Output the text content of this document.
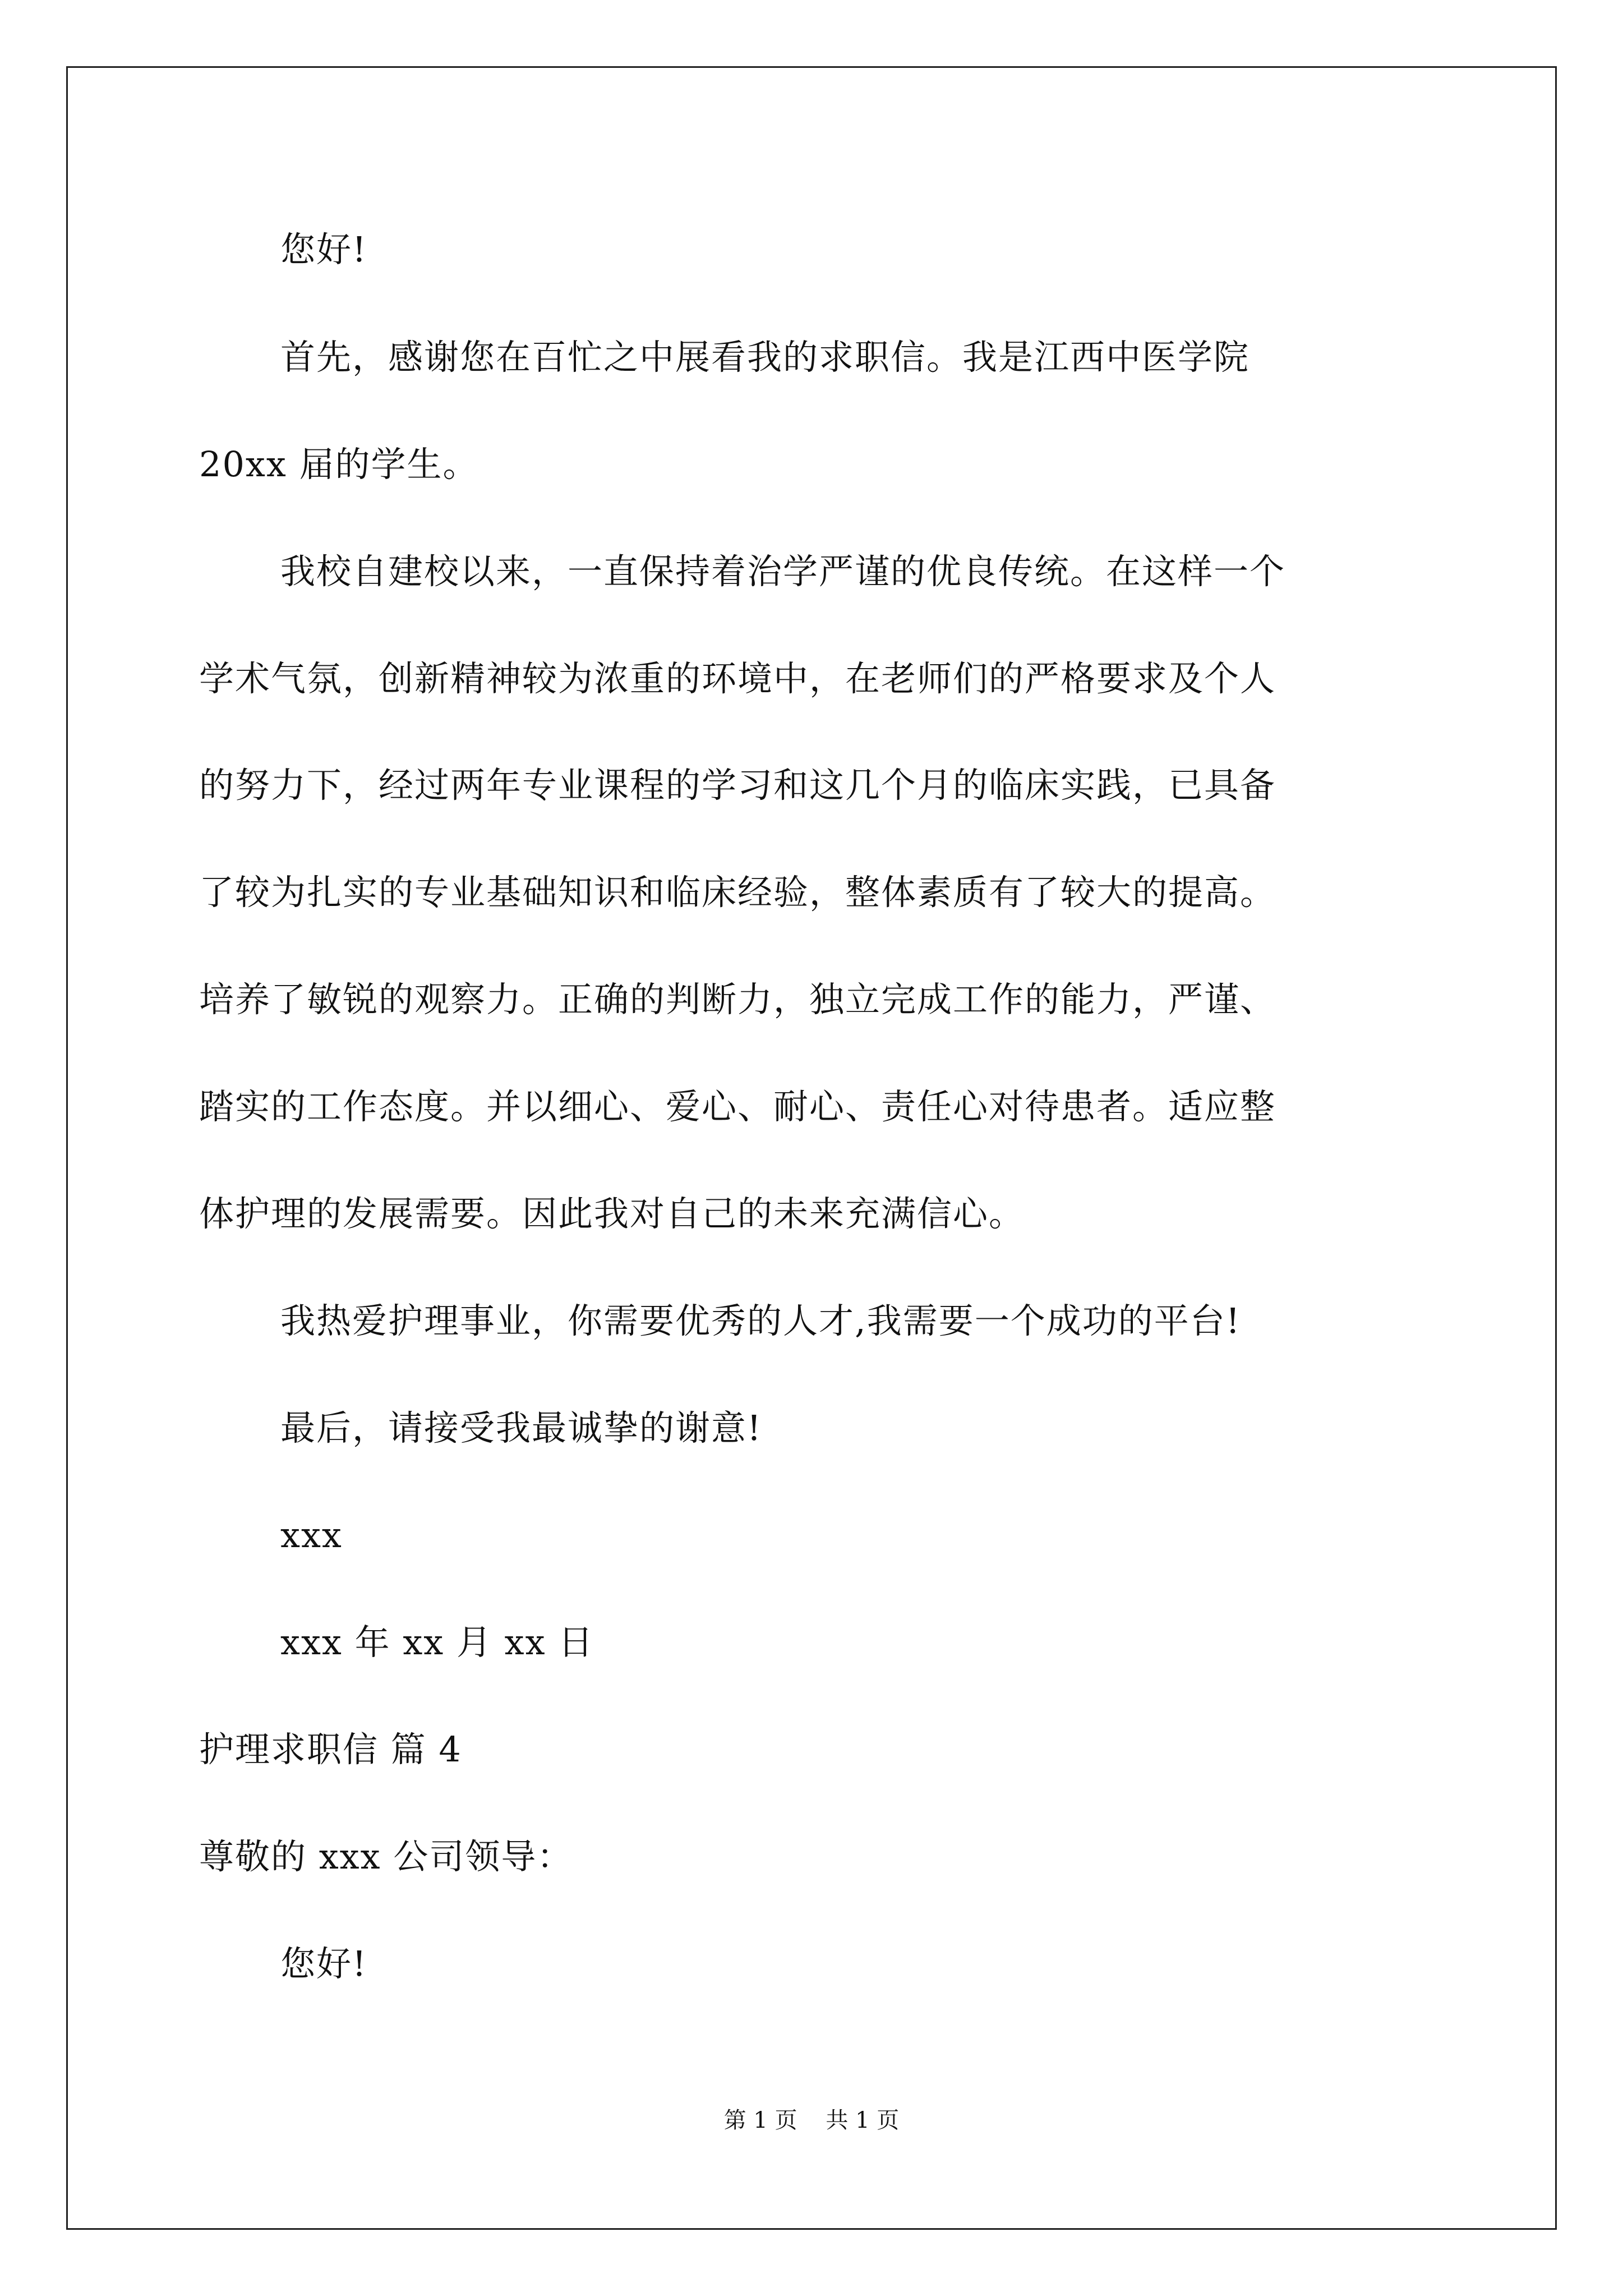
您好!
首先，感谢您在百忙之中展看我的求职信。我是江西中医学院
20xx 届的学生。
我校自建校以来，一直保持着治学严谨的优良传统。在这样一个
学术气氛，创新精神较为浓重的环境中，在老师们的严格要求及个人
的努力下，经过两年专业课程的学习和这几个月的临床实践，已具备
了较为扎实的专业基础知识和临床经验，整体素质有了较大的提高。
培养了敏锐的观察力。正确的判断力，独立完成工作的能力，严谨、
踏实的工作态度。并以细心、爱心、耐心、责任心对待患者。适应整
体护理的发展需要。因此我对自己的未来充满信心。
我热爱护理事业，你需要优秀的人才,我需要一个成功的平台!
最后，请接受我最诚挚的谢意!
xxx
xxx 年 xx 月 xx 日
护理求职信 篇 4
尊敬的 xxx 公司领导：
您好!
第 1 页    共 1 页
